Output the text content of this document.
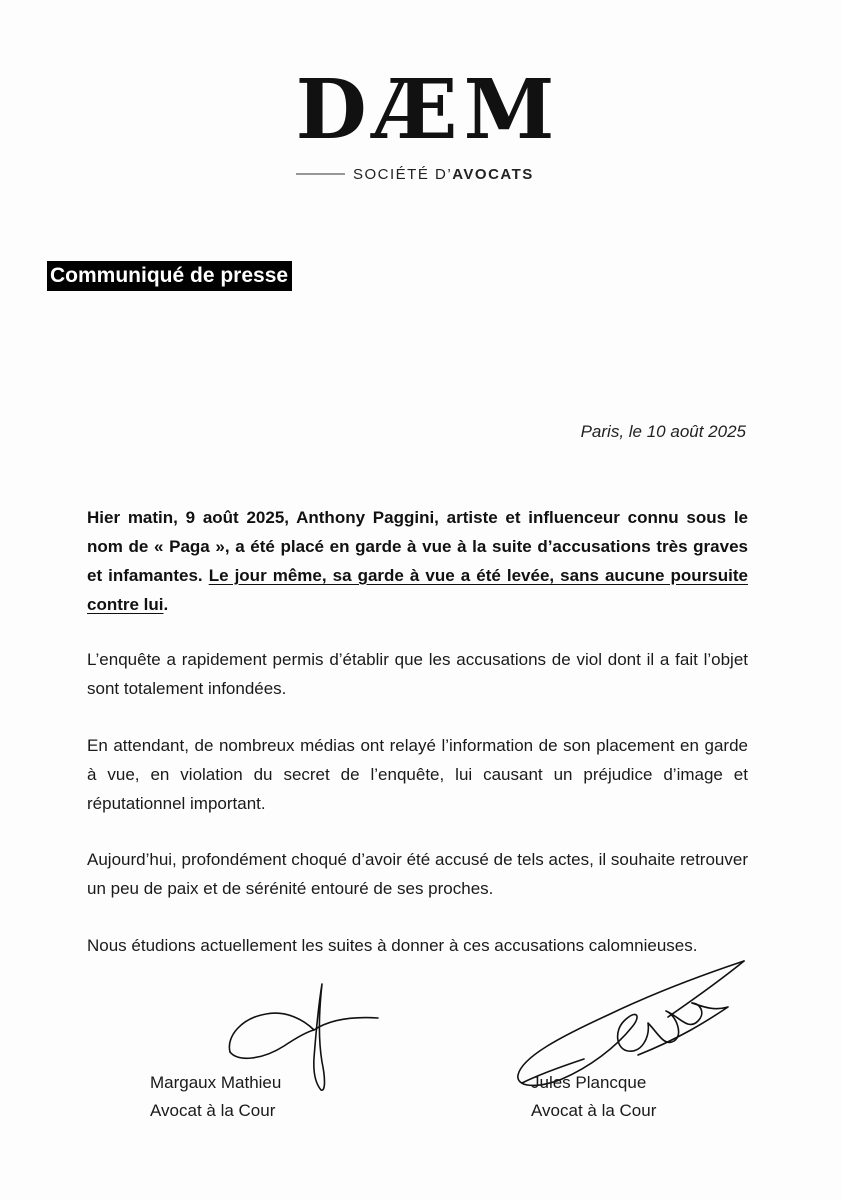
DÆM
SOCIÉTÉ D’AVOCATS
Communiqué de presse
Paris, le 10 août 2025

Hier matin, 9 août 2025, Anthony Paggini, artiste et influenceur connu sous le nom de « Paga », a été placé en garde à vue à la suite d’accusations très graves et infamantes. Le jour même, sa garde à vue a été levée, sans aucune poursuite contre lui.

L’enquête a rapidement permis d’établir que les accusations de viol dont il a fait l’objet sont totalement infondées.

En attendant, de nombreux médias ont relayé l’information de son placement en garde à vue, en violation du secret de l’enquête, lui causant un préjudice d’image et réputationnel important.

Aujourd’hui, profondément choqué d’avoir été accusé de tels actes, il souhaite retrouver un peu de paix et de sérénité entouré de ses proches.

Nous étudions actuellement les suites à donner à ces accusations calomnieuses.

Margaux Mathieu
Avocat à la Cour
Jules Plancque
Avocat à la Cour
